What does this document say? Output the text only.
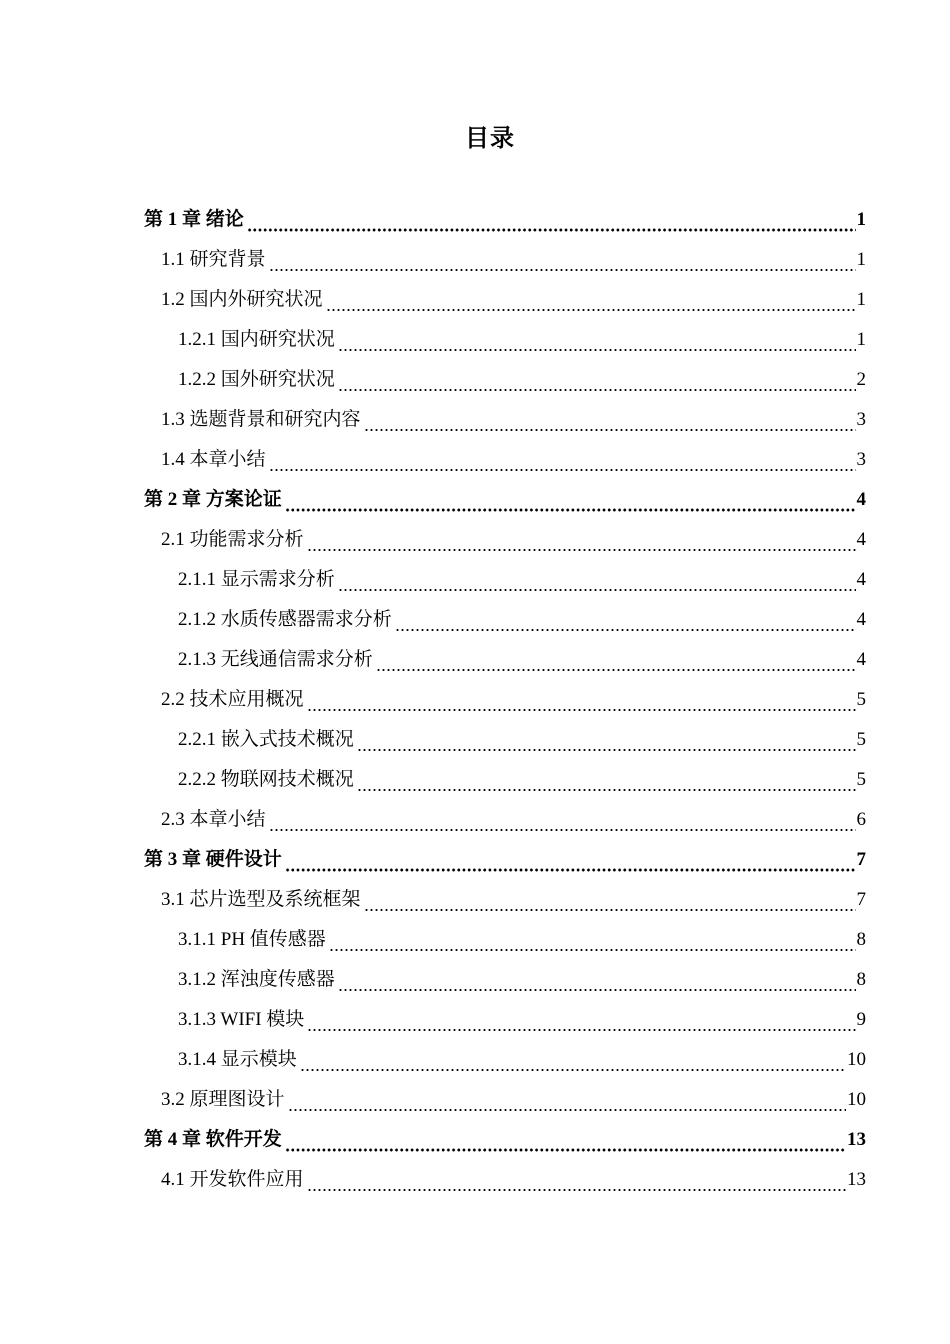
目录
第 1 章 绪论	1
1.1 研究背景	1
1.2 国内外研究状况	1
1.2.1 国内研究状况	1
1.2.2 国外研究状况	2
1.3 选题背景和研究内容	3
1.4 本章小结	3
第 2 章 方案论证	4
2.1 功能需求分析	4
2.1.1 显示需求分析	4
2.1.2 水质传感器需求分析	4
2.1.3 无线通信需求分析	4
2.2 技术应用概况	5
2.2.1 嵌入式技术概况	5
2.2.2 物联网技术概况	5
2.3 本章小结	6
第 3 章 硬件设计	7
3.1 芯片选型及系统框架	7
3.1.1 PH 值传感器	8
3.1.2 浑浊度传感器	8
3.1.3 WIFI 模块	9
3.1.4 显示模块	10
3.2 原理图设计	10
第 4 章 软件开发	13
4.1 开发软件应用	13
